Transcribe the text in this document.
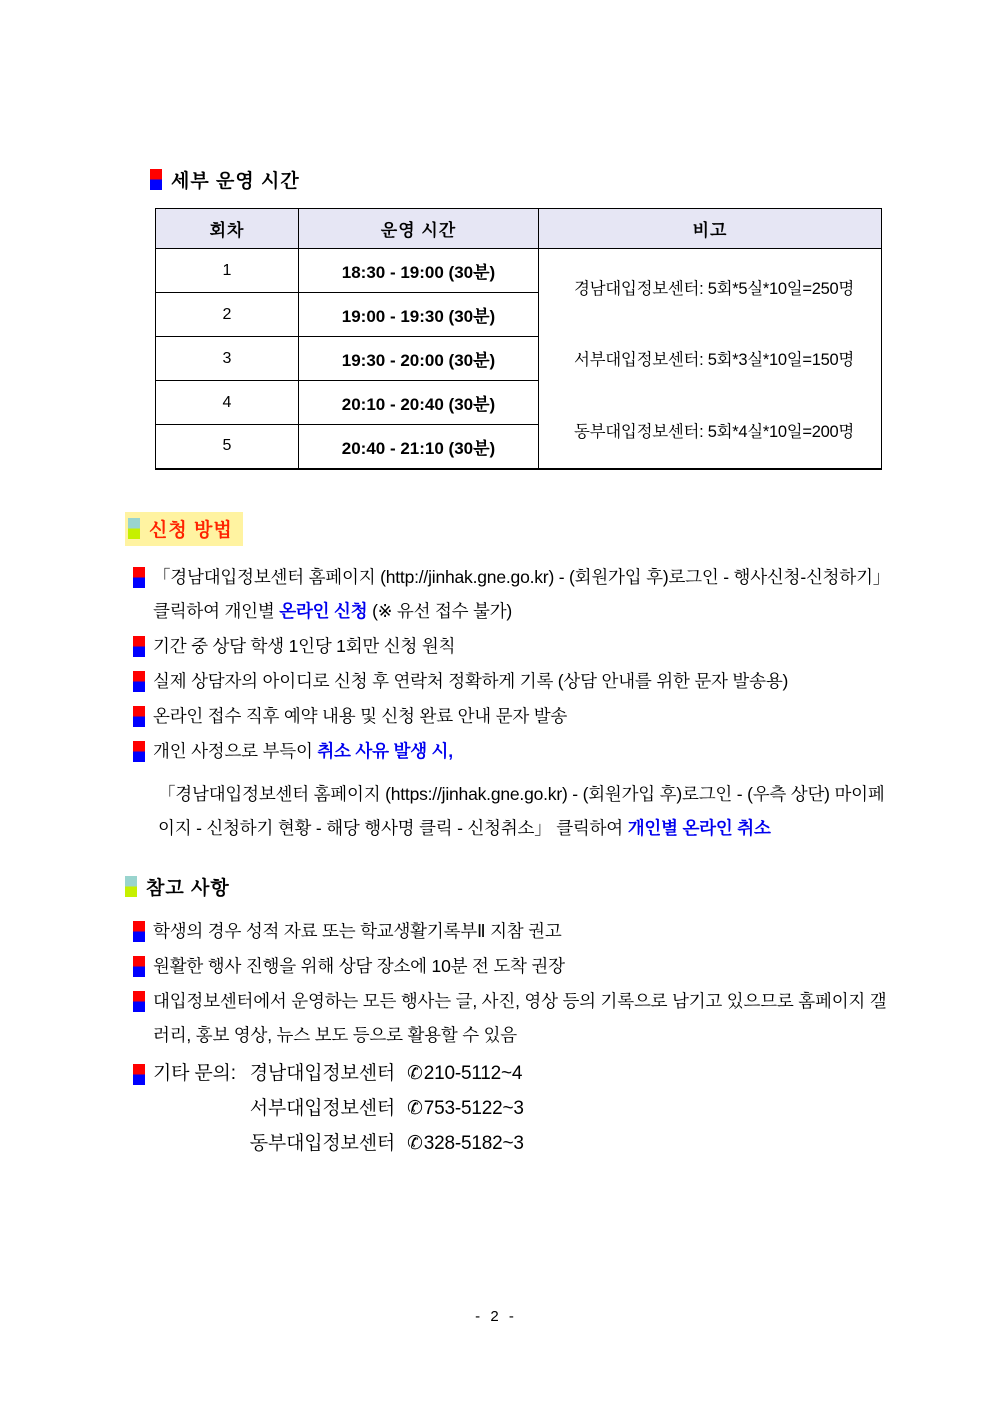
세부 운영 시간
회차	운영 시간	비고
1	18:30 - 19:00 (30분)	경남대입정보센터: 5회*5실*10일=250명
서부대입정보센터: 5회*3실*10일=150명
동부대입정보센터: 5회*4실*10일=200명

2	19:00 - 19:30 (30분)	
3	19:30 - 20:00 (30분)	
4	20:10 - 20:40 (30분)	
5	20:40 - 21:10 (30분)	
신청 방법
「경남대입정보센터 홈페이지 (http://jinhak.gne.go.kr) - (회원가입 후)로그인 - 행사신청-신청하기」 클릭하여 개인별 온라인 신청 (※ 유선 접수 불가)
기간 중 상담 학생 1인당 1회만 신청 원칙
실제 상담자의 아이디로 신청 후 연락처 정확하게 기록 (상담 안내를 위한 문자 발송용)
온라인 접수 직후 예약 내용 및 신청 완료 안내 문자 발송
개인 사정으로 부득이 취소 사유 발생 시,
「경남대입정보센터 홈페이지 (https://jinhak.gne.go.kr) - (회원가입 후)로그인 - (우측 상단) 마이페이지 - 신청하기 현황 - 해당 행사명 클릭 - 신청취소」 클릭하여 개인별 온라인 취소
참고 사항
학생의 경우 성적 자료 또는 학교생활기록부Ⅱ 지참 권고
원활한 행사 진행을 위해 상담 장소에 10분 전 도착 권장
대입정보센터에서 운영하는 모든 행사는 글, 사진, 영상 등의 기록으로 남기고 있으므로 홈페이지 갤러리, 홍보 영상, 뉴스 보도 등으로 활용할 수 있음
기타 문의: 경남대입정보센터 ✆210-5112~4
서부대입정보센터 ✆753-5122~3
동부대입정보센터 ✆328-5182~3
- 2 -
